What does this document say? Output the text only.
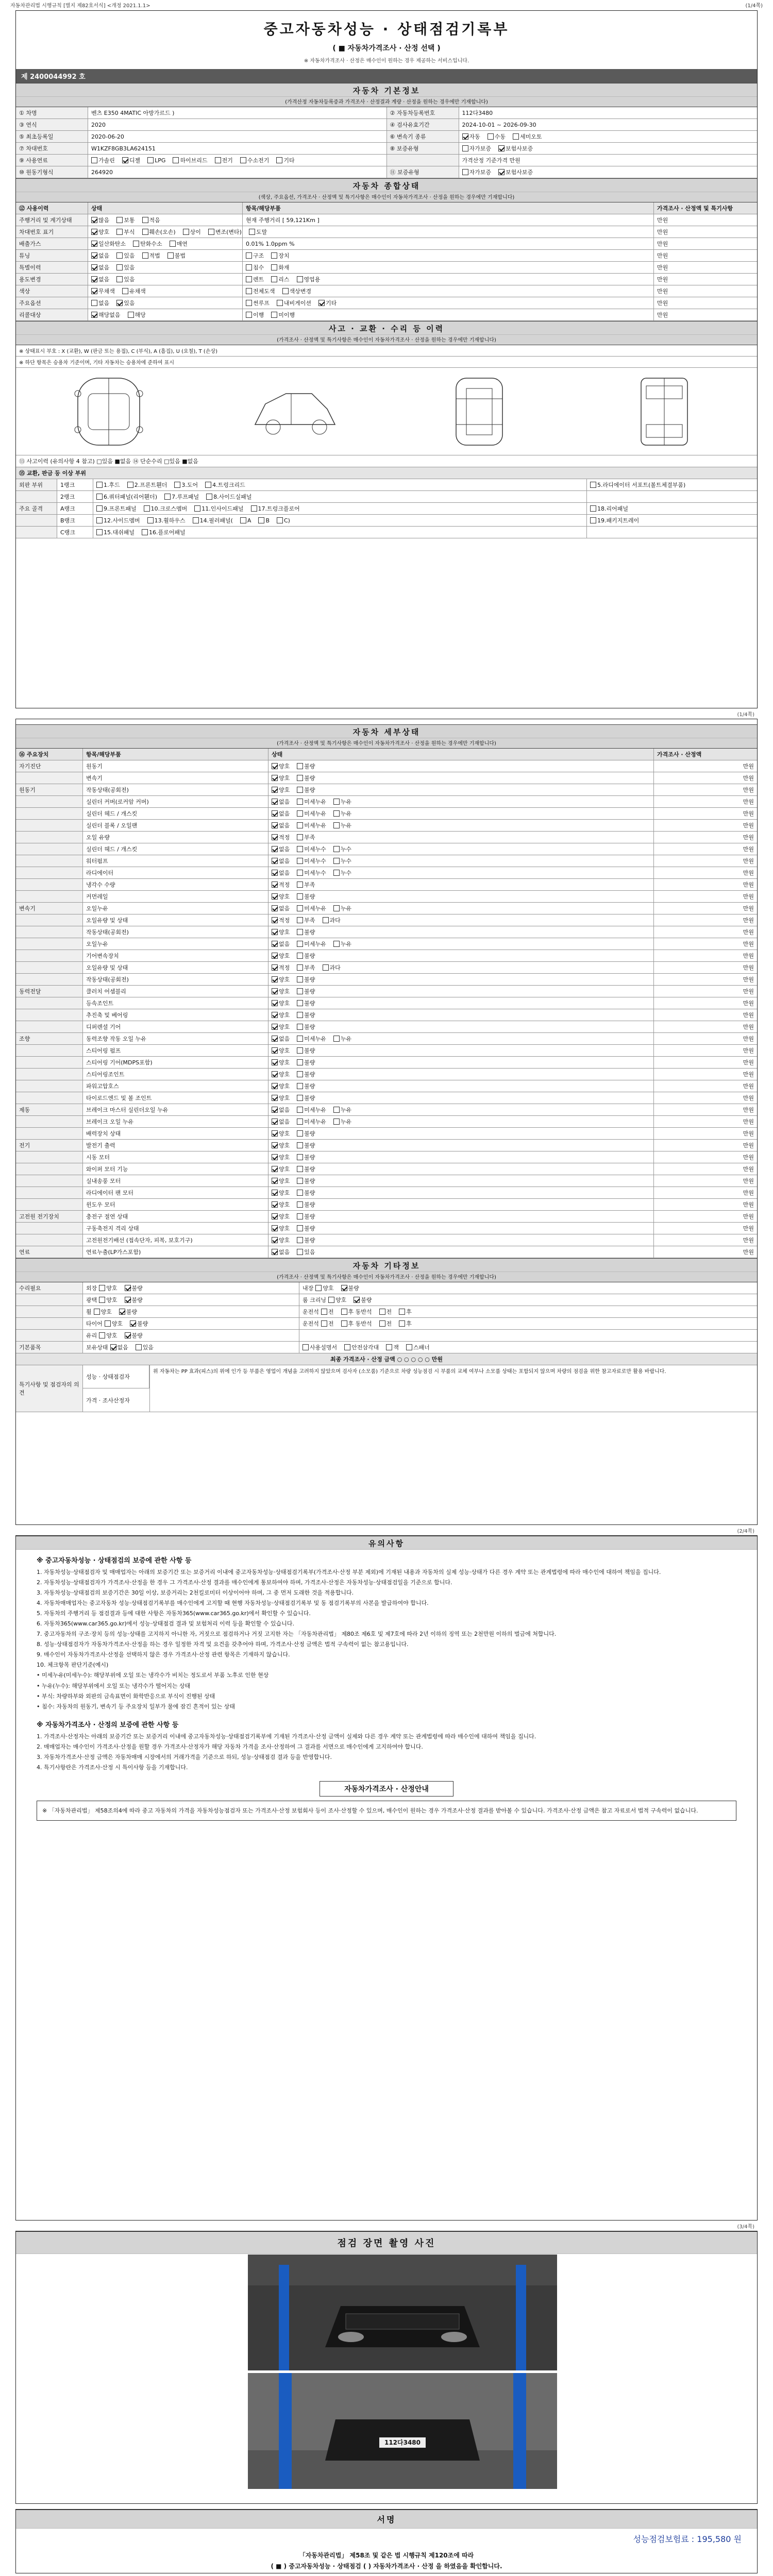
자동차관리법 시행규칙 [별지 제82호서식] <개정 2021.1.1>	(1/4쪽)
중고자동차성능 · 상태점검기록부
( ■ 자동차가격조사 · 산정 선택 )
※ 자동차가격조사 · 산정은 매수인이 원하는 경우 제공하는 서비스입니다.
제 2400044992 호
자동차 기본정보
(가격산정 자동차등록증과 가격조사 · 산정결과 계량 · 산정을 원하는 경우에만 기재합니다)
① 차명	벤츠 E350 4MATIC 아방가르드 )	② 자동차등록번호	112다3480
③ 연식	2020	④ 검사유효기간	2024-10-01 ~ 2026-09-30
⑤ 최초등록일	2020-06-20	⑥ 변속기 종류	자동	수동	세미오토
⑦ 차대번호	W1KZF8GB3LA624151	⑧ 보증유형	자가보증	보험사보증
⑨ 사용연료	가솔린	디젤	LPG	하이브리드	전기	수소전기	기타	가격산정 기준가격 만원
⑩ 원동기형식	264920	⑪ 보증유형	자가보증	보험사보증
자동차 종합상태
(색상, 주요옵션, 가격조사 · 산정액 및 특기사항은 매수인이 자동차가격조사 · 산정을 원하는 경우에만 기재합니다)
⑫ 사용이력	상태	항목/해당부품	가격조사 · 산정액 및 특기사항
주행거리 및 계기상태	많음	보통	적음	현재 주행거리 [ 59,121Km ]	만원
차대번호 표기	양호	부식	훼손(오손)	상이	변조(변타)	도말	만원
배출가스	일산화탄소	탄화수소	매연	0.01% 1.0ppm %	만원
튜닝	없음	있음	적법	불법	구조	장치	만원
특별이력	없음	있음	침수	화재	만원
용도변경	없음	있음	렌트	리스	영업용	만원
색상	무채색	유채색	전체도색	색상변경	만원
주요옵션	없음	있음	썬루프	내비게이션	기타	만원
리콜대상	해당없음	해당	이행	미이행	만원
사고 · 교환 · 수리 등 이력
(가격조사 · 산정액 및 특기사항은 매수인이 자동차가격조사 · 산정을 원하는 경우에만 기재합니다)
※ 상태표시 부호 : X (교환), W (판금 또는 용접), C (부식), A (흠집), U (요철), T (손상)
※ 하단 항목은 승용차 기준이며, 기타 자동차는 승용차에 준하여 표시
⑬ 사고이력 (유의사항 4 참고) □있음 ■없음 ⑭ 단순수리 □있음 ■없음
⑮ 교환, 판금 등 이상 부위
외판 부위	1랭크	1.후드	2.프론트휀더	3.도어	4.트렁크리드	5.라디에이터 서포트(볼트체결부품)
2랭크	6.쿼터패널(리어휀더)	7.루프패널	8.사이드실패널
주요 골격	A랭크	9.프론트패널	10.크로스멤버	11.인사이드패널	17.트렁크플로어	18.리어패널
B랭크	12.사이드멤버	13.휠하우스	14.필러패널(	A	B	C)	19.패키지트레이
C랭크	15.대쉬패널	16.플로어패널
(1/4쪽)
자동차 세부상태
(가격조사 · 산정액 및 특기사항은 매수인이 자동차가격조사 · 산정을 원하는 경우에만 기재합니다)
⑯ 주요장치	항목/해당부품	상태	가격조사 · 산정액
자기진단	원동기	양호	불량	만원
변속기	양호	불량	만원
원동기	작동상태(공회전)	양호	불량	만원
실린더 커버(로커암 커버)	없음	미세누유	누유	만원
실린더 헤드 / 개스킷	없음	미세누유	누유	만원
실린더 블록 / 오일팬	없음	미세누유	누유	만원
오일 유량	적정	부족	만원
실린더 헤드 / 개스킷	없음	미세누수	누수	만원
워터펌프	없음	미세누수	누수	만원
라디에이터	없음	미세누수	누수	만원
냉각수 수량	적정	부족	만원
커먼레일	양호	불량	만원
변속기	오일누유	없음	미세누유	누유	만원
오일유량 및 상태	적정	부족	과다	만원
작동상태(공회전)	양호	불량	만원
오일누유	없음	미세누유	누유	만원
기어변속장치	양호	불량	만원
오일유량 및 상태	적정	부족	과다	만원
작동상태(공회전)	양호	불량	만원
동력전달	클러치 어셈블리	양호	불량	만원
등속조인트	양호	불량	만원
추진축 및 베어링	양호	불량	만원
디퍼렌셜 기어	양호	불량	만원
조향	동력조향 작동 오일 누유	없음	미세누유	누유	만원
스티어링 펌프	양호	불량	만원
스티어링 기어(MDPS포함)	양호	불량	만원
스티어링조인트	양호	불량	만원
파워고압호스	양호	불량	만원
타이로드엔드 및 볼 조인트	양호	불량	만원
제동	브레이크 마스터 실린더오일 누유	없음	미세누유	누유	만원
브레이크 오일 누유	없음	미세누유	누유	만원
배력장치 상태	양호	불량	만원
전기	발전기 출력	양호	불량	만원
시동 모터	양호	불량	만원
와이퍼 모터 기능	양호	불량	만원
실내송풍 모터	양호	불량	만원
라디에이터 팬 모터	양호	불량	만원
윈도우 모터	양호	불량	만원
고전원 전기장치	충전구 절연 상태	양호	불량	만원
구동축전지 격리 상태	양호	불량	만원
고전원전기배선 (접속단자, 피복, 보호기구)	양호	불량	만원
연료	연료누출(LP가스포함)	없음	있음	만원
자동차 기타정보
(가격조사 · 산정액 및 특기사항은 매수인이 자동차가격조사 · 산정을 원하는 경우에만 기재합니다)
수리필요	외장	양호	불량	내장	양호	불량
광택	양호	불량	룸 크리닝	양호	불량
휠	양호	불량	운전석	전	후 동반석	전	후
타이어	양호	불량	운전석	전	후 동반석	전	후
유리	양호	불량
기본품목	보유상태	없음	있음	사용설명서	안전삼각대	잭	스패너
최종 가격조사 · 산정 금액 ○ ○ ○ ○ ○ 만원
특기사항 및 점검자의 의견
성능 · 상태점검자
가격 · 조사산정자
위 자동차는 PP 효과(피스)의 위에 인가 등 부품은 영업이 개념을 고려하지 않았으며 검사자 (소모품) 기준으로 차량 성능점검 시 부품의 교체 여부나 소모품 상태는 포함되지 않으며 차량의 점검을 위한 참고자료로만 활용 바랍니다.
(2/4쪽)
유의사항
※ 중고자동차성능 · 상태점검의 보증에 관한 사항 등

1. 자동차성능·상태점검자 및 매매업자는 아래의 보증기간 또는 보증거리 이내에 중고자동차성능·상태점검기록부(가격조사·산정 부분 제외)에 기재된 내용과 자동차의 실제 성능·상태가 다른 경우 계약 또는 관계법령에 따라 매수인에 대하여 책임을 집니다.

2. 자동차성능·상태점검자가 가격조사·산정을 한 경우 그 가격조사·산정 결과를 매수인에게 통보하여야 하며, 가격조사·산정은 자동차성능·상태점검일을 기준으로 합니다.

3. 자동차성능·상태점검의 보증기간은 30일 이상, 보증거리는 2천킬로미터 이상이어야 하며, 그 중 먼저 도래한 것을 적용합니다.

4. 자동차매매업자는 중고자동차 성능·상태점검기록부를 매수인에게 고지할 때 현행 자동차성능·상태점검기록부 및 동 점검기록부의 사본을 발급하여야 합니다.

5. 자동차의 주행거리 등 점검결과 등에 대한 사항은 자동차365(www.car365.go.kr)에서 확인할 수 있습니다.

6. 자동차365(www.car365.go.kr)에서 성능·상태점검 결과 및 보험처리 이력 등을 확인할 수 있습니다.

7. 중고자동차의 구조·장치 등의 성능·상태를 고지하지 아니한 자, 거짓으로 점검하거나 거짓 고지한 자는 「자동차관리법」 제80조 제6호 및 제7호에 따라 2년 이하의 징역 또는 2천만원 이하의 벌금에 처합니다.

8. 성능·상태점검자가 자동차가격조사·산정을 하는 경우 일정한 자격 및 요건을 갖추어야 하며, 가격조사·산정 금액은 법적 구속력이 없는 참고용입니다.

9. 매수인이 자동차가격조사·산정을 선택하지 않은 경우 가격조사·산정 관련 항목은 기재하지 않습니다.

10. 체크항목 판단기준(예시)

• 미세누유(미세누수): 해당부위에 오일 또는 냉각수가 비치는 정도로서 부품 노후로 인한 현상

• 누유(누수): 해당부위에서 오일 또는 냉각수가 떨어지는 상태

• 부식: 차량하부와 외판의 금속표면이 화학반응으로 부식이 진행된 상태

• 침수: 자동차의 원동기, 변속기 등 주요장치 일부가 물에 잠긴 흔적이 있는 상태

※ 자동차가격조사 · 산정의 보증에 관한 사항 등

1. 가격조사·산정자는 아래의 보증기간 또는 보증거리 이내에 중고자동차성능·상태점검기록부에 기재된 가격조사·산정 금액이 실제와 다른 경우 계약 또는 관계법령에 따라 매수인에 대하여 책임을 집니다.

2. 매매업자는 매수인이 가격조사·산정을 원할 경우 가격조사·산정자가 해당 자동차 가격을 조사·산정하여 그 결과를 서면으로 매수인에게 고지하여야 합니다.

3. 자동차가격조사·산정 금액은 자동차매매 시장에서의 거래가격을 기준으로 하되, 성능·상태점검 결과 등을 반영합니다.

4. 특기사항란은 가격조사·산정 시 특이사항 등을 기재합니다.

자동차가격조사 · 산정안내
※ 「자동차관리법」 제58조의4에 따라 중고 자동차의 가격을 자동차성능점검자 또는 가격조사·산정 보험회사 등이 조사·산정할 수 있으며, 매수인이 원하는 경우 가격조사·산정 결과를 받아볼 수 있습니다. 가격조사·산정 금액은 참고 자료로서 법적 구속력이 없습니다.
(3/4쪽)
점검 장면 촬영 사진
112다3480
서명
성능점검보험료 : 195,580 원
「자동차관리법」 제58조 및 같은 법 시행규칙 제120조에 따라
( ■ ) 중고자동차성능 · 상태점검 ( ) 자동차가격조사 · 산정 을 하였음을 확인합니다.
